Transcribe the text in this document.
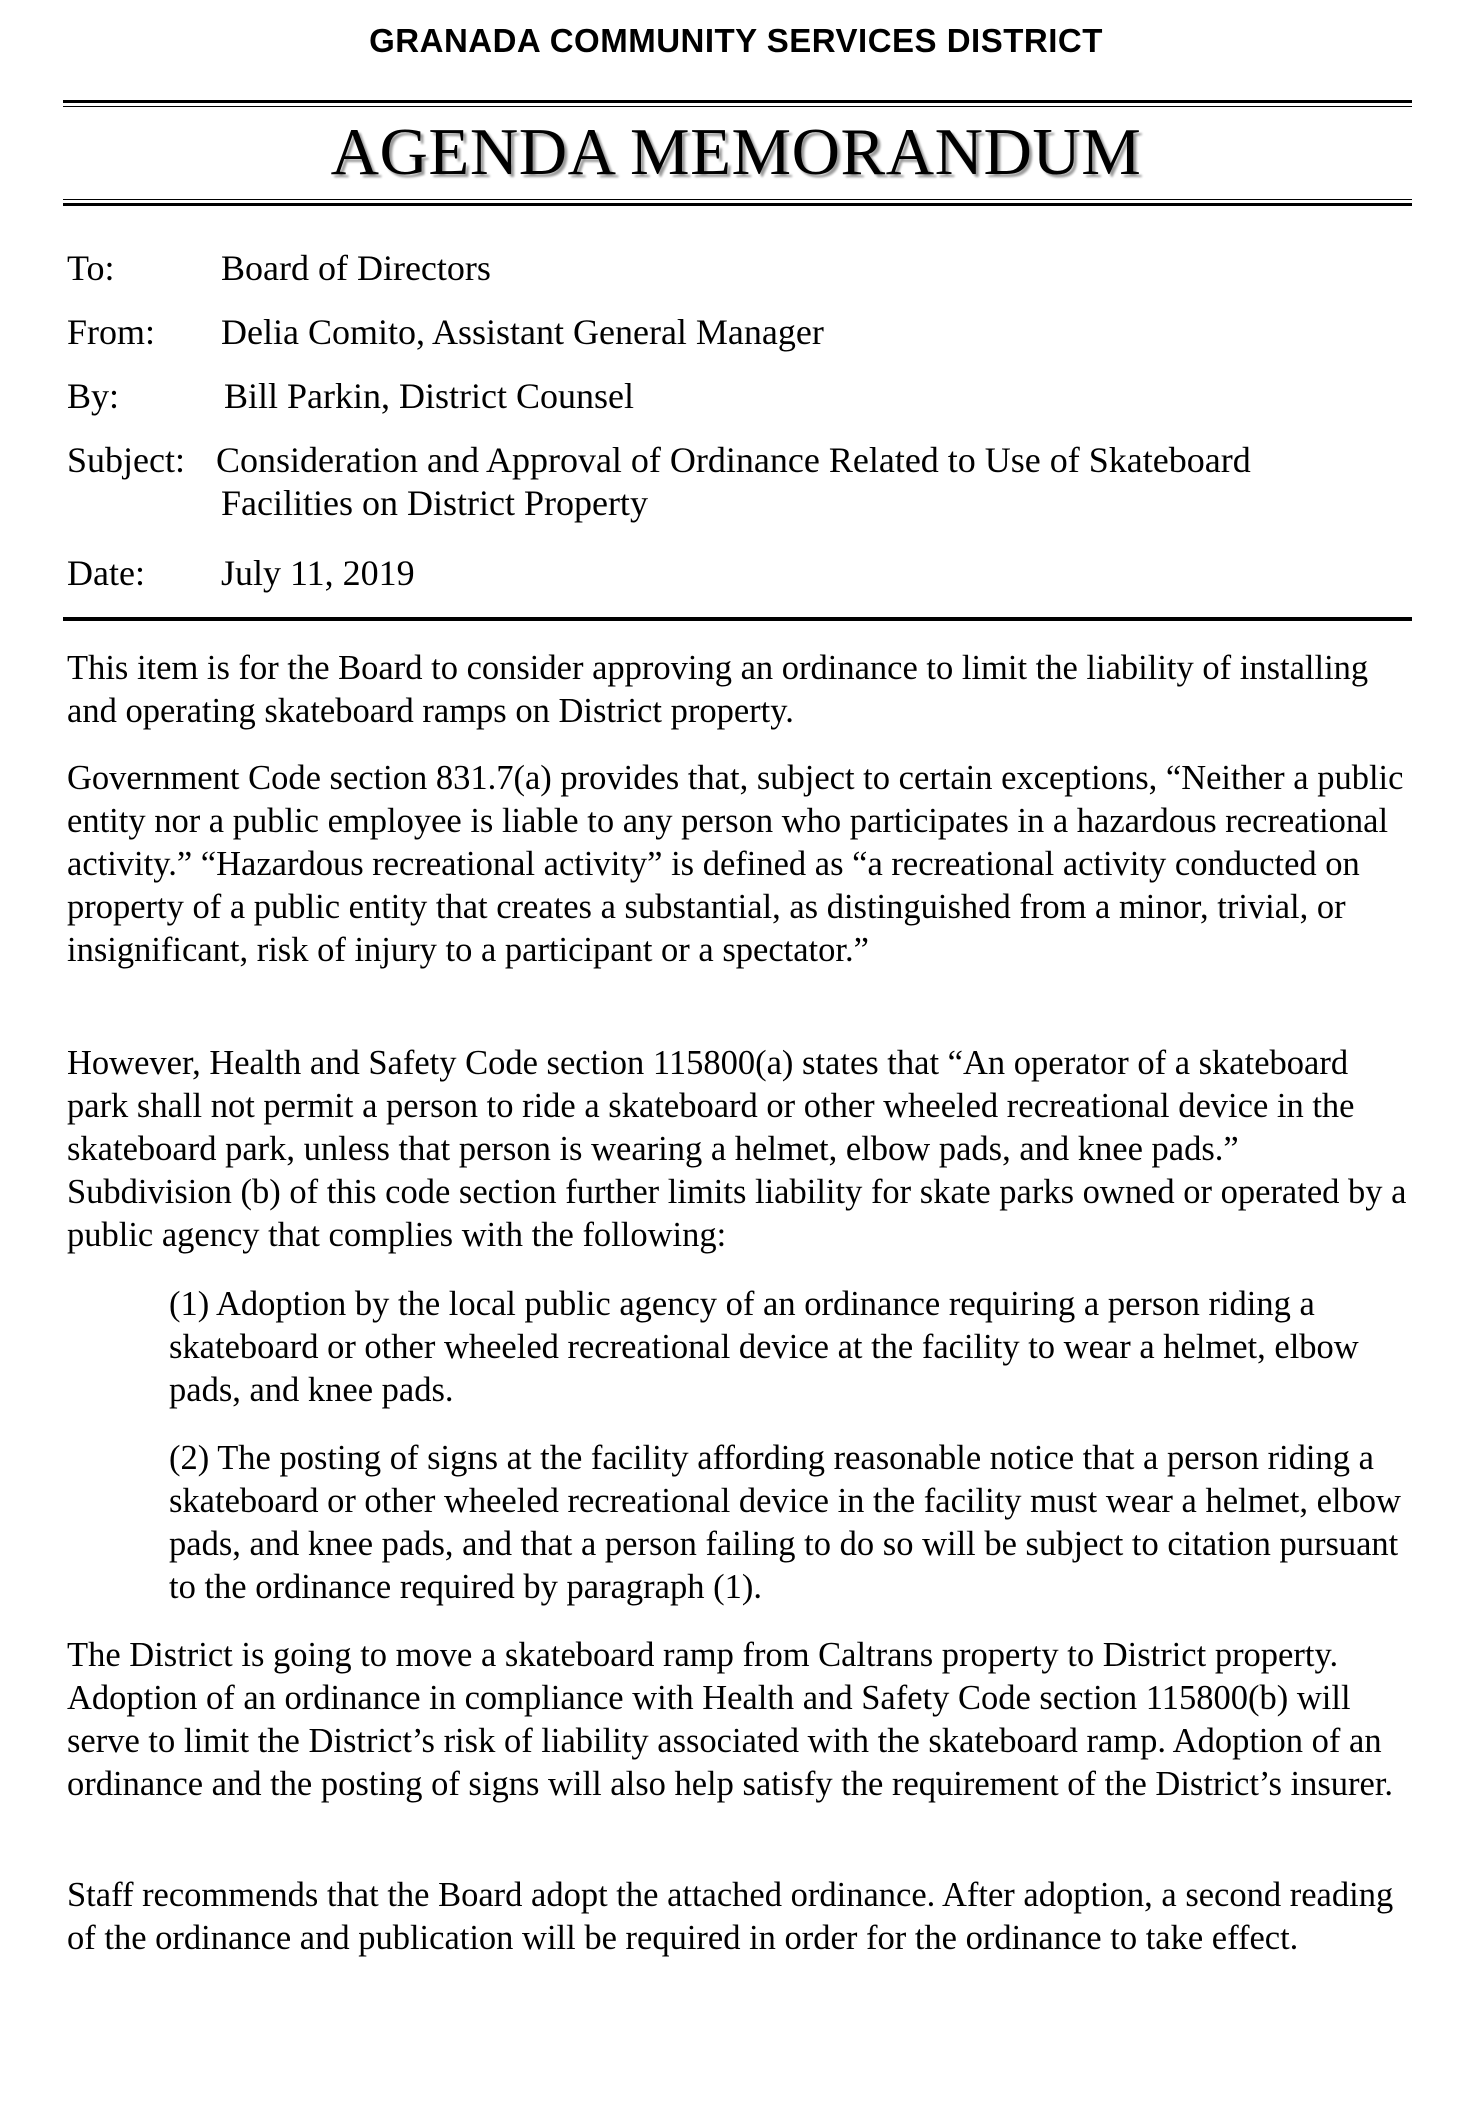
GRANADA COMMUNITY SERVICES DISTRICT
AGENDA MEMORANDUM
To:	Board of Directors
From: Delia Comito, Assistant General Manager
By:	Bill Parkin, District Counsel
Subject: Consideration and Approval of Ordinance Related to Use of Skateboard
Facilities on District Property
Date: July 11, 2019

This item is for the Board to consider approving an ordinance to limit the liability of installing and operating skateboard ramps on District property.

Government Code section 831.7(a) provides that, subject to certain exceptions, “Neither a public entity nor a public employee is liable to any person who participates in a hazardous recreational activity.” “Hazardous recreational activity” is defined as “a recreational activity conducted on property of a public entity that creates a substantial, as distinguished from a minor, trivial, or insignificant, risk of injury to a participant or a spectator.”

However, Health and Safety Code section 115800(a) states that “An operator of a skateboard park shall not permit a person to ride a skateboard or other wheeled recreational device in the skateboard park, unless that person is wearing a helmet, elbow pads, and knee pads.” Subdivision (b) of this code section further limits liability for skate parks owned or operated by a public agency that complies with the following:

(1) Adoption by the local public agency of an ordinance requiring a person riding a skateboard or other wheeled recreational device at the facility to wear a helmet, elbow pads, and knee pads.

(2) The posting of signs at the facility affording reasonable notice that a person riding a skateboard or other wheeled recreational device in the facility must wear a helmet, elbow pads, and knee pads, and that a person failing to do so will be subject to citation pursuant to the ordinance required by paragraph (1).

The District is going to move a skateboard ramp from Caltrans property to District property. Adoption of an ordinance in compliance with Health and Safety Code section 115800(b) will serve to limit the District’s risk of liability associated with the skateboard ramp. Adoption of an ordinance and the posting of signs will also help satisfy the requirement of the District’s insurer.

Staff recommends that the Board adopt the attached ordinance. After adoption, a second reading of the ordinance and publication will be required in order for the ordinance to take effect.
